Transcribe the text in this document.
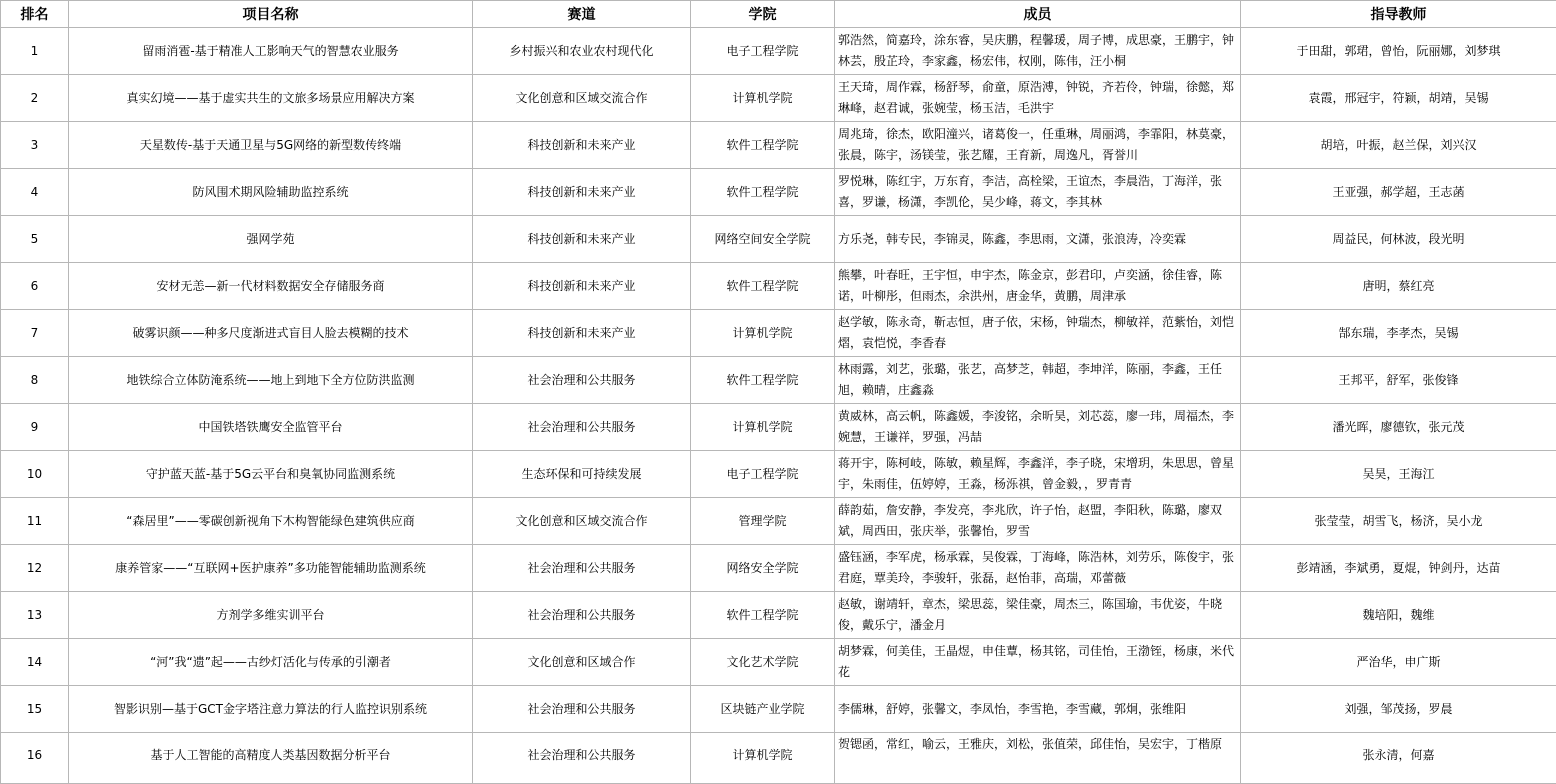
排名	项目名称	赛道	学院	成员	指导教师
1	留雨消雹-基于精准人工影响天气的智慧农业服务	乡村振兴和农业农村现代化	电子工程学院	郭浩然，简嘉玲，涂东睿，吴庆鹏，程馨瑗，周子博，成思豪，王鹏宇，钟林芸，殷芷玲，李家鑫，杨宏伟，权刚，陈伟，汪小桐	于田甜，郭珺，曾怡，阮丽娜，刘梦琪
2	真实幻境——基于虚实共生的文旅多场景应用解决方案	文化创意和区域交流合作	计算机学院	王天琦，周作霖，杨舒琴，俞童，原浩溥，钟锐，齐若伶，钟瑞，徐懿，郑琳峰，赵君诚，张婉莹，杨玉洁，毛洪宇	袁霞，邢冠宇，符颖，胡靖，吴锡
3	天星数传-基于天通卫星与5G网络的新型数传终端	科技创新和未来产业	软件工程学院	周兆琦，徐杰，欧阳潼兴，诸葛俊一，任重琳，周丽鸿，李霏阳，林莫豪，张晨，陈宇，汤镁莹，张艺耀，王育新，周逸凡，胥誉川	胡培，叶振，赵兰保，刘兴汉
4	防风围术期风险辅助监控系统	科技创新和未来产业	软件工程学院	罗悦琳，陈红宇，万东育，李洁，高栓梁，王谊杰，李晨浩，丁海洋，张喜，罗谦，杨潇，李凯伦，吴少峰，蒋文，李其林	王亚强，郝学超，王志菡
5	强网学苑	科技创新和未来产业	网络空间安全学院	方乐尧，韩专民，李锦灵，陈鑫，李思雨，文潇，张浪涛，冷奕霖	周益民，何林波，段光明
6	安材无恙—新一代材料数据安全存储服务商	科技创新和未来产业	软件工程学院	熊攀，叶春旺，王宇恒，申宇杰，陈金京，彭君印，卢奕涵，徐佳睿，陈诺，叶柳彤，但雨杰，余洪州，唐金华，黄鹏，周津承	唐明，蔡红亮
7	破雾识颜——种多尺度渐进式盲目人脸去模糊的技术	科技创新和未来产业	计算机学院	赵学敏，陈永奇，靳志恒，唐子依，宋杨，钟瑞杰，柳敏祥，范紫怡，刘恺熠，袁恺悦，李香春	郜东瑞，李孝杰，吴锡
8	地铁综合立体防淹系统——地上到地下全方位防洪监测	社会治理和公共服务	软件工程学院	林雨露，刘艺，张璐，张艺，高梦芝，韩超，李坤洋，陈丽，李鑫，王任旭，赖晴，庄鑫淼	王邦平，舒军，张俊锋
9	中国铁塔铁鹰安全监管平台	社会治理和公共服务	计算机学院	黄威林，高云帆，陈鑫媛，李浚铭，余昕昊，刘芯蕊，廖一玮，周福杰，李婉慧，王谦祥，罗强，冯喆	潘光晖，廖德钦，张元茂
10	守护蓝天蓝-基于5G云平台和臭氧协同监测系统	生态环保和可持续发展	电子工程学院	蒋开宇，陈柯岐，陈敏，赖星辉，李鑫洋，李子晓，宋增玥，朱思思，曾星宇，朱雨佳，伍婷婷，王淼，杨泺祺，曾金毅，，罗青青	吴昊，王海江
11	“森居里”——零碳创新视角下木构智能绿色建筑供应商	文化创意和区域交流合作	管理学院	薛韵茹，詹安静，李发亮，李兆欣，许子怡，赵盟，李阳秋，陈璐，廖双斌，周西田，张庆举，张馨怡，罗雪	张莹莹，胡雪飞，杨济，吴小龙
12	康养管家——“互联网+医护康养”多功能智能辅助监测系统	社会治理和公共服务	网络安全学院	盛钰涵，李军虎，杨承霖，吴俊霖，丁海峰，陈浩林，刘劳乐，陈俊宇，张君庭，覃美玲，李骏轩，张磊，赵怡菲，高瑞，邓蕾薇	彭靖涵，李斌勇，夏焜，钟剑丹，达苗
13	方剂学多维实训平台	社会治理和公共服务	软件工程学院	赵敏，谢靖轩，章杰，梁思蕊，梁佳豪，周杰三，陈国瑜，韦优姿，牛晓俊，戴乐宁，潘金月	魏培阳，魏维
14	“河”我“遗”起——古纱灯活化与传承的引潮者	文化创意和区域合作	文化艺术学院	胡梦霖，何美佳，王晶煜，申佳蕈，杨其铭，司佳怡，王渤铚，杨康，米代花	严治华，申广斯
15	智影识别—基于GCT金字塔注意力算法的行人监控识别系统	社会治理和公共服务	区块链产业学院	李儒琳，舒婷，张馨文，李凤怡，李雪艳，李雪藏，郭炯，张维阳	刘强，邹茂扬，罗晨
16	基于人工智能的高精度人类基因数据分析平台	社会治理和公共服务	计算机学院	贺锶函，常红，喻云，王雅庆，刘松，张值荣，邱佳怡，吴宏宇，丁楷原	张永清，何嘉
